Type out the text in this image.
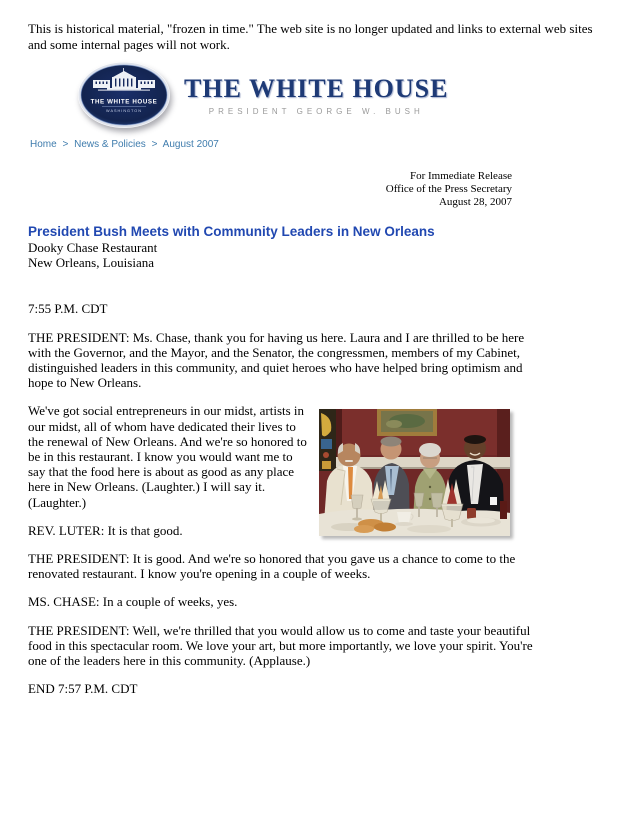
This is historical material, "frozen in time." The web site is no longer updated and links to external web sites and some internal pages will not work.

THE WHITE HOUSE
WASHINGTON
THE WHITE HOUSE
PRESIDENT GEORGE W. BUSH
Home > News & Policies > August 2007
For Immediate Release
Office of the Press Secretary
August 28, 2007
President Bush Meets with Community Leaders in New Orleans
Dooky Chase Restaurant
New Orleans, Louisiana

7:55 P.M. CDT

THE PRESIDENT: Ms. Chase, thank you for having us here. Laura and I are thrilled to be here with the Governor, and the Mayor, and the Senator, the congressmen, members of my Cabinet, distinguished leaders in this community, and quiet heroes who have helped bring optimism and hope to New Orleans.

We've got social entrepreneurs in our midst, artists in our midst, all of whom have dedicated their lives to the renewal of New Orleans. And we're so honored to be in this restaurant. I know you would want me to say that the food here is about as good as any place here in New Orleans. (Laughter.) I will say it. (Laughter.)

REV. LUTER: It is that good.

THE PRESIDENT: It is good. And we're so honored that you gave us a chance to come to the renovated restaurant. I know you're opening in a couple of weeks.

MS. CHASE: In a couple of weeks, yes.

THE PRESIDENT: Well, we're thrilled that you would allow us to come and taste your beautiful food in this spectacular room. We love your art, but more importantly, we love your spirit. You're one of the leaders here in this community. (Applause.)

END 7:57 P.M. CDT
